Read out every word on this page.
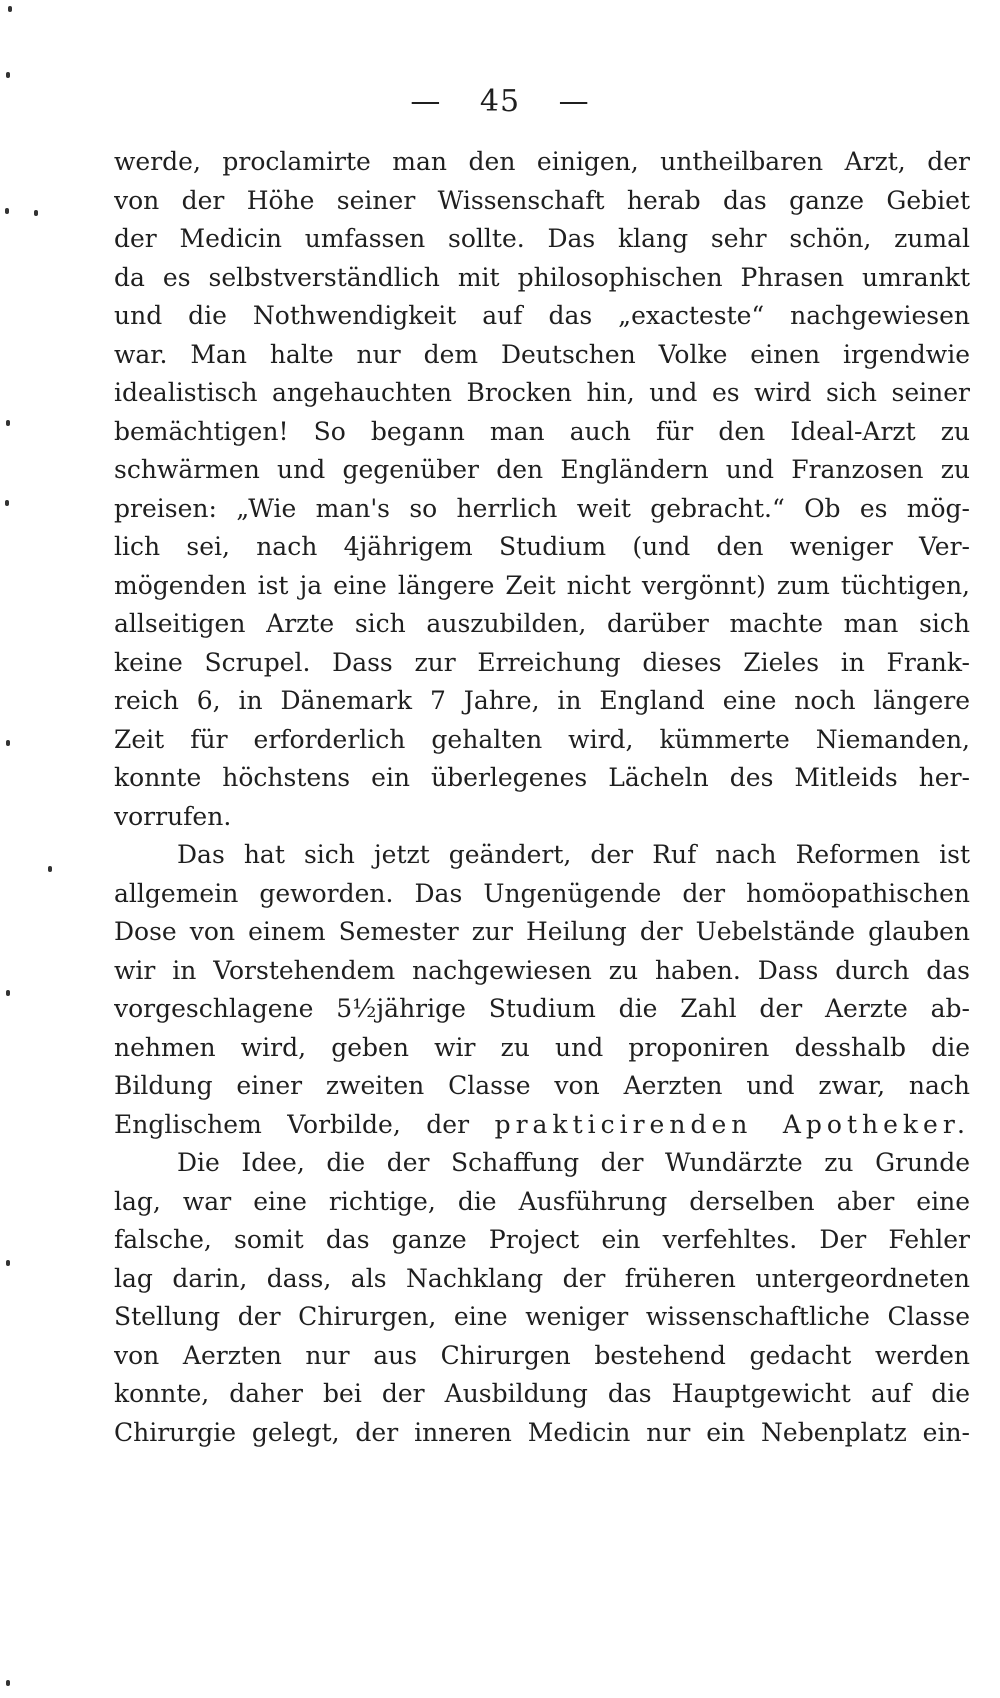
— 45 —
werde, proclamirte man den einigen, untheilbaren Arzt, der
von der Höhe seiner Wissenschaft herab das ganze Gebiet
der Medicin umfassen sollte. Das klang sehr schön, zumal
da es selbstverständlich mit philosophischen Phrasen umrankt
und die Nothwendigkeit auf das „exacteste“ nachgewiesen
war. Man halte nur dem Deutschen Volke einen irgendwie
idealistisch angehauchten Brocken hin, und es wird sich seiner
bemächtigen! So begann man auch für den Ideal-Arzt zu
schwärmen und gegenüber den Engländern und Franzosen zu
preisen: „Wie man's so herrlich weit gebracht.“ Ob es mög-
lich sei, nach 4jährigem Studium (und den weniger Ver-
mögenden ist ja eine längere Zeit nicht vergönnt) zum tüchtigen,
allseitigen Arzte sich auszubilden, darüber machte man sich
keine Scrupel. Dass zur Erreichung dieses Zieles in Frank-
reich 6, in Dänemark 7 Jahre, in England eine noch längere
Zeit für erforderlich gehalten wird, kümmerte Niemanden,
konnte höchstens ein überlegenes Lächeln des Mitleids her-
vorrufen.
Das hat sich jetzt geändert, der Ruf nach Reformen ist
allgemein geworden. Das Ungenügende der homöopathischen
Dose von einem Semester zur Heilung der Uebelstände glauben
wir in Vorstehendem nachgewiesen zu haben. Dass durch das
vorgeschlagene 5½jährige Studium die Zahl der Aerzte ab-
nehmen wird, geben wir zu und proponiren desshalb die
Bildung einer zweiten Classe von Aerzten und zwar, nach
Englischem Vorbilde, der prakticirenden Apotheker.
Die Idee, die der Schaffung der Wundärzte zu Grunde
lag, war eine richtige, die Ausführung derselben aber eine
falsche, somit das ganze Project ein verfehltes. Der Fehler
lag darin, dass, als Nachklang der früheren untergeordneten
Stellung der Chirurgen, eine weniger wissenschaftliche Classe
von Aerzten nur aus Chirurgen bestehend gedacht werden
konnte, daher bei der Ausbildung das Hauptgewicht auf die
Chirurgie gelegt, der inneren Medicin nur ein Nebenplatz ein-
